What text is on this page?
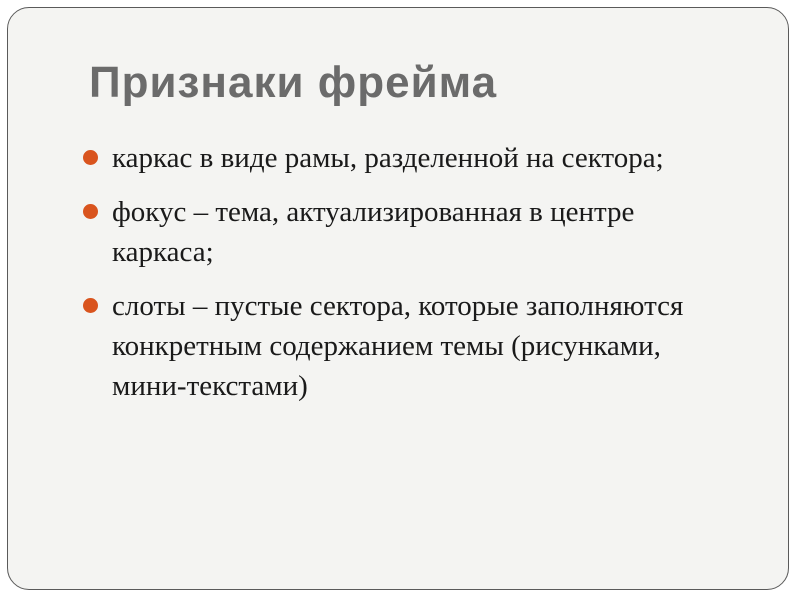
Признаки фрейма
каркас в виде рамы, разделенной на сектора;
фокус – тема, актуализированная в центре каркаса;
слоты – пустые сектора, которые заполняются конкретным содержанием темы (рисунками, мини-текстами)
